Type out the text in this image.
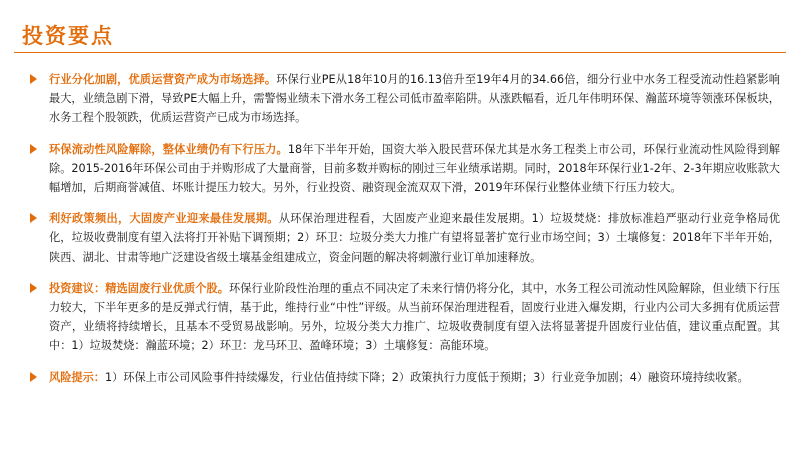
投资要点
行业分化加剧，优质运营资产成为市场选择。环保行业PE从18年10月的16.13倍升至19年4月的34.66倍，细分行业中水务工程受流动性趋紧影响最大，业绩急剧下滑，导致PE大幅上升，需警惕业绩未下滑水务工程公司低市盈率陷阱。从涨跌幅看，近几年伟明环保、瀚蓝环境等领涨环保板块，水务工程个股领跌，优质运营资产已成为市场选择。
环保流动性风险解除，整体业绩仍有下行压力。18年下半年开始，国资大举入股民营环保尤其是水务工程类上市公司，环保行业流动性风险得到解除。2015-2016年环保公司由于并购形成了大量商誉，目前多数并购标的刚过三年业绩承诺期。同时，2018年环保行业1-2年、2-3年期应收账款大幅增加，后期商誉减值、坏账计提压力较大。另外，行业投资、融资现金流双双下滑，2019年环保行业整体业绩下行压力较大。
利好政策频出，大固废产业迎来最佳发展期。从环保治理进程看，大固废产业迎来最佳发展期。1）垃圾焚烧：排放标准趋严驱动行业竞争格局优化，垃圾收费制度有望入法将打开补贴下调预期；2）环卫：垃圾分类大力推广有望将显著扩宽行业市场空间；3）土壤修复：2018年下半年开始，陕西、湖北、甘肃等地广泛建设省级土壤基金组建成立，资金问题的解决将刺激行业订单加速释放。
投资建议：精选固废行业优质个股。环保行业阶段性治理的重点不同决定了未来行情仍将分化，其中，水务工程公司流动性风险解除，但业绩下行压力较大，下半年更多的是反弹式行情，基于此，维持行业“中性”评级。从当前环保治理进程看，固废行业进入爆发期，行业内公司大多拥有优质运营资产，业绩将持续增长，且基本不受贸易战影响。另外，垃圾分类大力推广、垃圾收费制度有望入法将显著提升固废行业估值，建议重点配置。其中：1）垃圾焚烧：瀚蓝环境；2）环卫：龙马环卫、盈峰环境；3）土壤修复：高能环境。
风险提示：1）环保上市公司风险事件持续爆发，行业估值持续下降；2）政策执行力度低于预期；3）行业竞争加剧；4）融资环境持续收紧。
